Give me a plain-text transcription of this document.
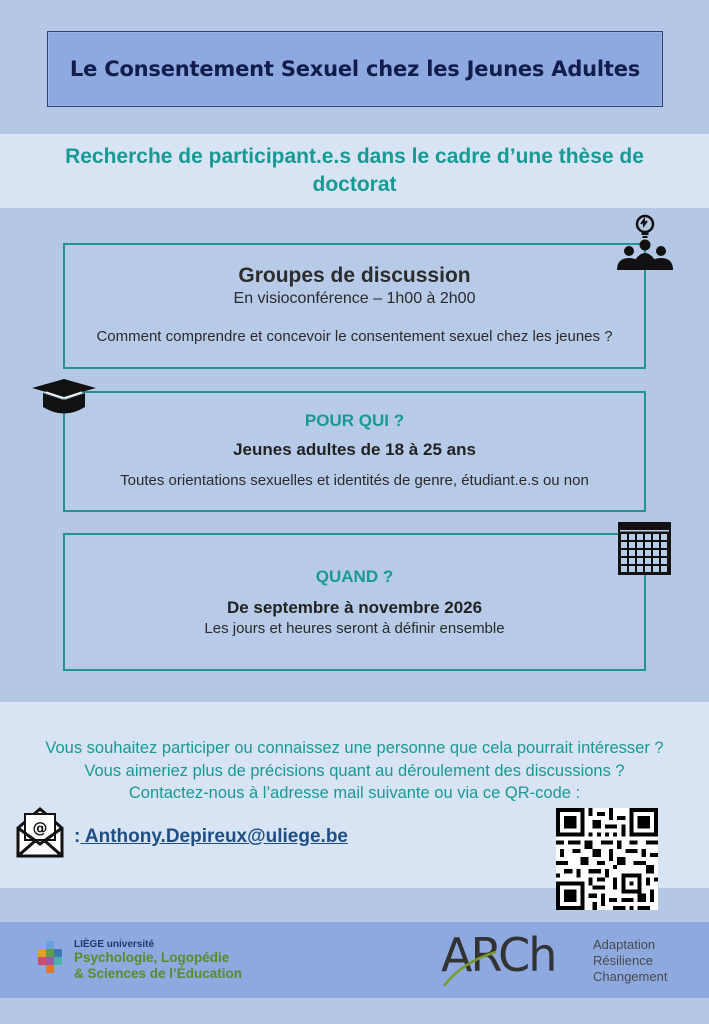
Le Consentement Sexuel chez les Jeunes Adultes
Recherche de participant.e.s dans le cadre d’une thèse de
doctorat
Groupes de discussion
En visioconférence – 1h00 à 2h00
Comment comprendre et concevoir le consentement sexuel chez les jeunes ?
POUR QUI ?
Jeunes adultes de 18 à 25 ans
Toutes orientations sexuelles et identités de genre, étudiant.e.s ou non
QUAND ?
De septembre à novembre 2026
Les jours et heures seront à définir ensemble
Vous souhaitez participer ou connaissez une personne que cela pourrait intéresser ?
Vous aimeriez plus de précisions quant au déroulement des discussions ?
Contactez-nous à l’adresse mail suivante ou via ce QR-code :
@ : Anthony.Depireux@uliege.be
LIÈGE université
Psychologie, Logopédie
& Sciences de l’Éducation	ARCh	Adaptation
Résilience
Changement
